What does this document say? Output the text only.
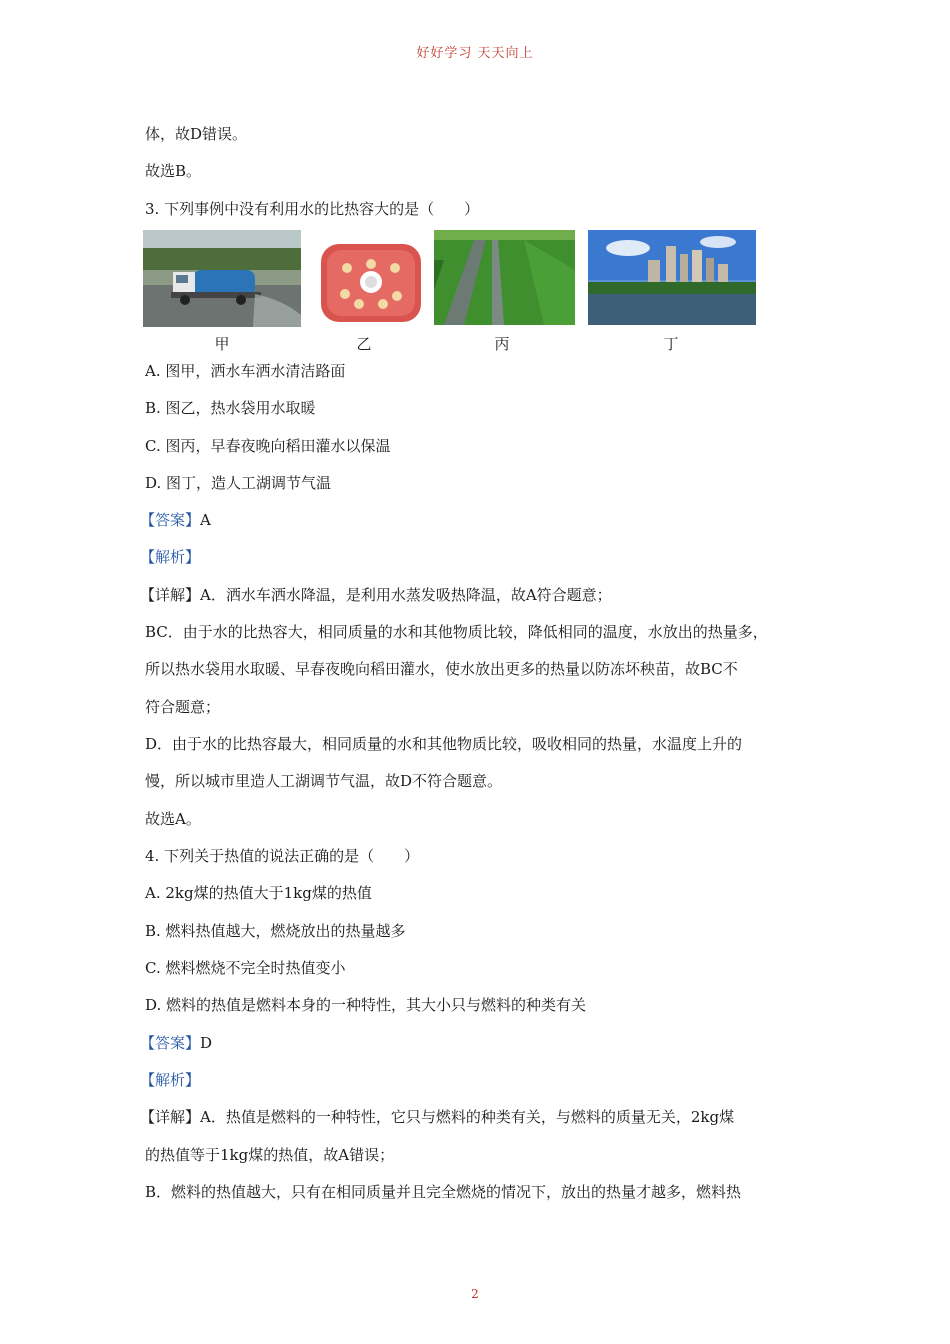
好好学习 天天向上
体，故D错误。
故选B。
3. 下列事例中没有利用水的比热容大的是（　　）
甲	乙	丙	丁
A. 图甲，洒水车洒水清洁路面
B. 图乙，热水袋用水取暖
C. 图丙，早春夜晚向稻田灌水以保温
D. 图丁，造人工湖调节气温
【答案】A
【解析】
【详解】A．洒水车洒水降温，是利用水蒸发吸热降温，故A符合题意；
BC．由于水的比热容大，相同质量的水和其他物质比较，降低相同的温度，水放出的热量多，
所以热水袋用水取暖、早春夜晚向稻田灌水，使水放出更多的热量以防冻坏秧苗，故BC不
符合题意；
D．由于水的比热容最大，相同质量的水和其他物质比较，吸收相同的热量，水温度上升的
慢，所以城市里造人工湖调节气温，故D不符合题意。
故选A。
4. 下列关于热值的说法正确的是（　　）
A. 2kg煤的热值大于1kg煤的热值
B. 燃料热值越大，燃烧放出的热量越多
C. 燃料燃烧不完全时热值变小
D. 燃料的热值是燃料本身的一种特性，其大小只与燃料的种类有关
【答案】D
【解析】
【详解】A．热值是燃料的一种特性，它只与燃料的种类有关，与燃料的质量无关，2kg煤
的热值等于1kg煤的热值，故A错误；
B．燃料的热值越大，只有在相同质量并且完全燃烧的情况下，放出的热量才越多，燃料热
2
